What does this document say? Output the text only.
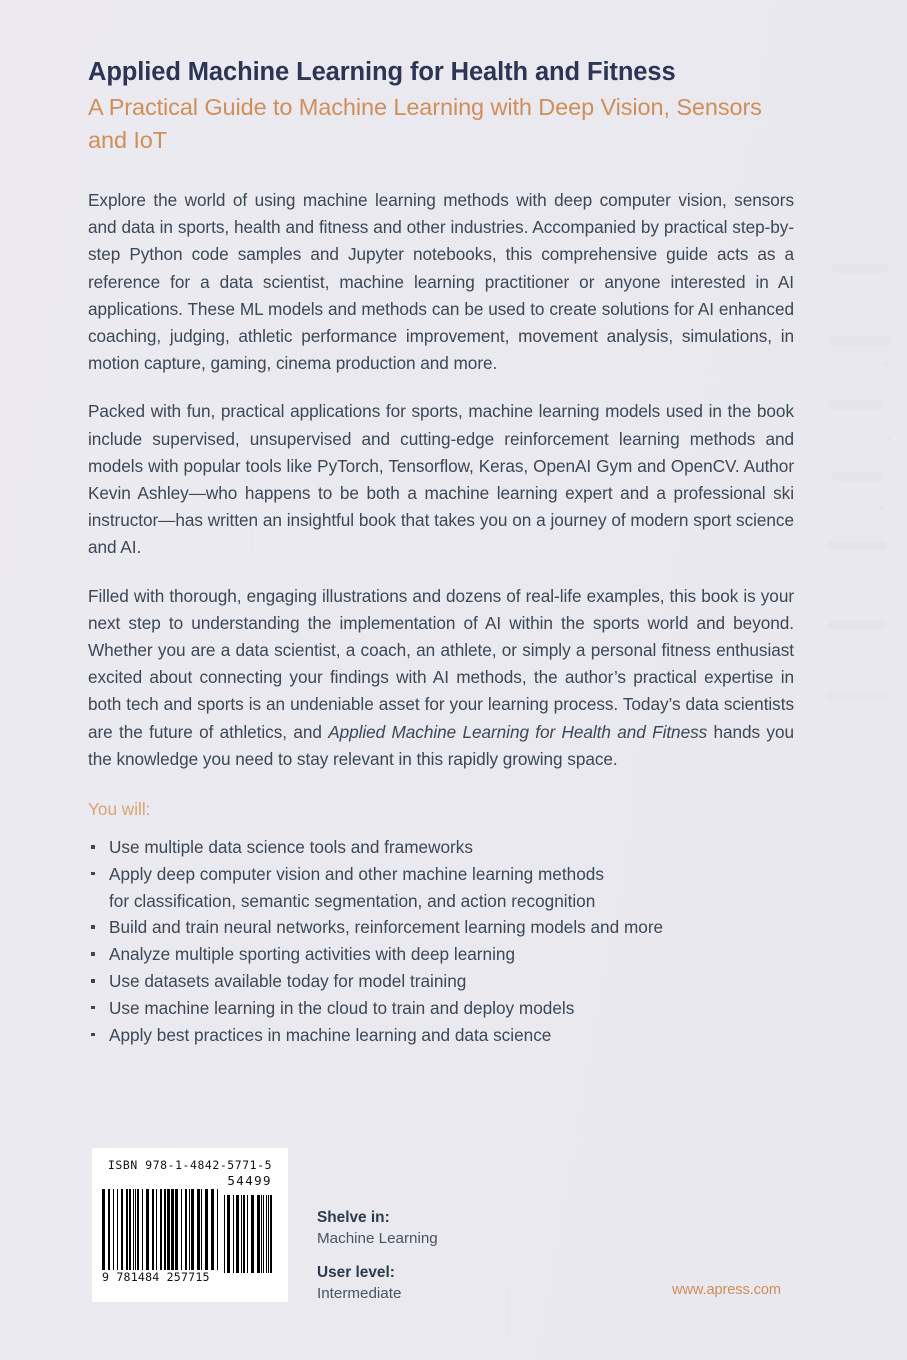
Applied Machine Learning for Health and Fitness
A Practical Guide to Machine Learning with Deep Vision, Sensors and IoT

Explore the world of using machine learning methods with deep computer vision, sensors and data in sports, health and fitness and other industries. Accompanied by practical step-by-step Python code samples and Jupyter notebooks, this comprehensive guide acts as a reference for a data scientist, machine learning practitioner or anyone interested in AI applications. These ML models and methods can be used to create solutions for AI enhanced coaching, judging, athletic performance improvement, movement analysis, simulations, in motion capture, gaming, cinema production and more.

Packed with fun, practical applications for sports, machine learning models used in the book include supervised, unsupervised and cutting-edge reinforcement learning methods and models with popular tools like PyTorch, Tensorflow, Keras, OpenAI Gym and OpenCV. Author Kevin Ashley—who happens to be both a machine learning expert and a professional ski instructor—has written an insightful book that takes you on a journey of modern sport science and AI.

Filled with thorough, engaging illustrations and dozens of real-life examples, this book is your next step to understanding the implementation of AI within the sports world and beyond. Whether you are a data scientist, a coach, an athlete, or simply a personal fitness enthusiast excited about connecting your findings with AI methods, the author’s practical expertise in both tech and sports is an undeniable asset for your learning process. Today’s data scientists are the future of athletics, and Applied Machine Learning for Health and Fitness hands you the knowledge you need to stay relevant in this rapidly growing space.

You will:

Use multiple data science tools and frameworks
Apply deep computer vision and other machine learning methods
for classification, semantic segmentation, and action recognition
Build and train neural networks, reinforcement learning models and more
Analyze multiple sporting activities with deep learning
Use datasets available today for model training
Use machine learning in the cloud to train and deploy models
Apply best practices in machine learning and data science
ISBN 978-1-4842-5771-5
54499
9 781484 257715
Shelve in:
Machine Learning
User level:
Intermediate	www.apress.com
